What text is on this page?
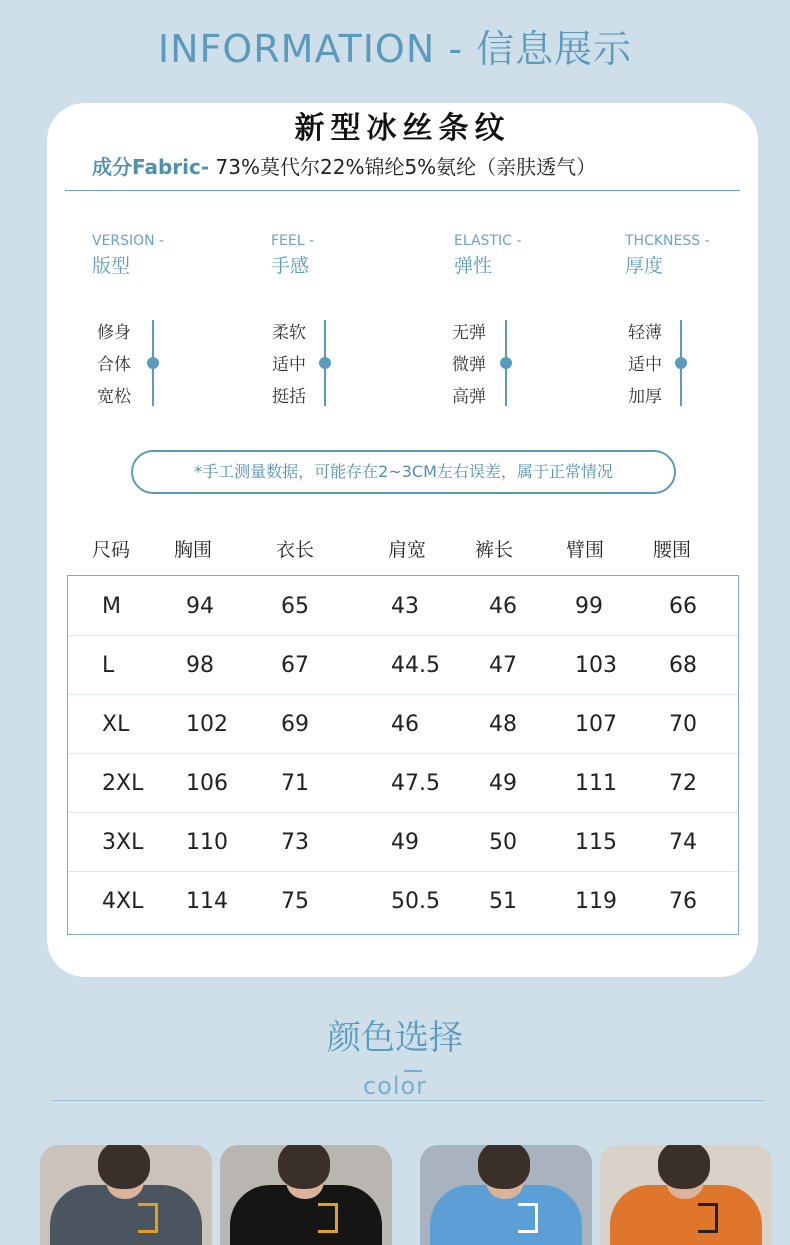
INFORMATION - 信息展示
新型冰丝条纹
成分Fabric- 73%莫代尔22%锦纶5%氨纶（亲肤透气）
VERSION -
版型
FEEL -
手感
ELASTIC -
弹性
THCKNESS -
厚度
修身
合体
宽松
柔软
适中
挺括
无弹
微弹
高弹
轻薄
适中
加厚
*手工测量数据，可能存在2~3CM左右误差，属于正常情况
尺码 胸围	衣长	肩宽	裤长	臂围	腰围
M	94	65	43	46	99	66
L	98	67	44.5 47	103 68
XL	102 69	46	48	107 70
2XL 106 71	47.5 49	111 72
3XL 110 73	49	50	115 74
4XL 114 75	50.5 51	119 76
颜色选择
color
